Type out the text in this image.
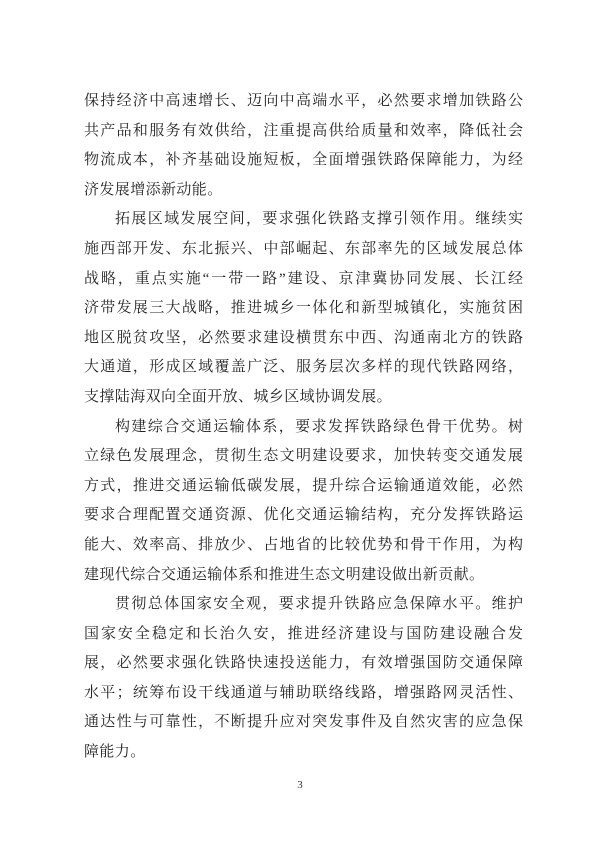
保持经济中高速增长、迈向中高端水平，必然要求增加铁路公
共产品和服务有效供给，注重提高供给质量和效率，降低社会
物流成本，补齐基础设施短板，全面增强铁路保障能力，为经
济发展增添新动能。
拓展区域发展空间，要求强化铁路支撑引领作用。继续实
施西部开发、东北振兴、中部崛起、东部率先的区域发展总体
战略，重点实施“一带一路”建设、京津冀协同发展、长江经
济带发展三大战略，推进城乡一体化和新型城镇化，实施贫困
地区脱贫攻坚，必然要求建设横贯东中西、沟通南北方的铁路
大通道，形成区域覆盖广泛、服务层次多样的现代铁路网络，
支撑陆海双向全面开放、城乡区域协调发展。
构建综合交通运输体系，要求发挥铁路绿色骨干优势。树
立绿色发展理念，贯彻生态文明建设要求，加快转变交通发展
方式，推进交通运输低碳发展，提升综合运输通道效能，必然
要求合理配置交通资源、优化交通运输结构，充分发挥铁路运
能大、效率高、排放少、占地省的比较优势和骨干作用，为构
建现代综合交通运输体系和推进生态文明建设做出新贡献。
贯彻总体国家安全观，要求提升铁路应急保障水平。维护
国家安全稳定和长治久安，推进经济建设与国防建设融合发
展，必然要求强化铁路快速投送能力，有效增强国防交通保障
水平；统筹布设干线通道与辅助联络线路，增强路网灵活性、
通达性与可靠性，不断提升应对突发事件及自然灾害的应急保
障能力。
3
